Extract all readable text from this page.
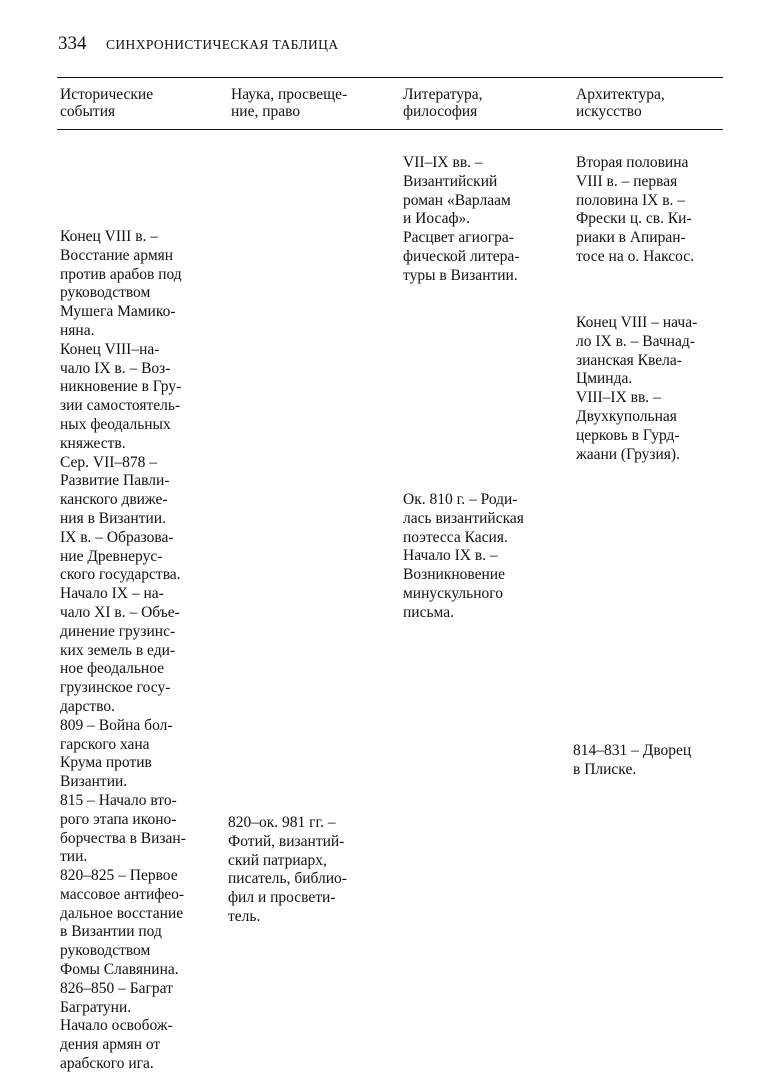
334 СИНХРОНИСТИЧЕСКАЯ ТАБЛИЦА
Исторические
события
Наука, просвеще-
ние, право
Литература,
философия
Архитектура,
искусство
Конец VIII в. –
Восстание армян
против арабов под
руководством
Мушега Мамико-
няна.
Конец VIII–на-
чало IX в. – Воз-
никновение в Гру-
зии самостоятель-
ных феодальных
княжеств.
Сер. VII–878 –
Развитие Павли-
канского движе-
ния в Византии.
IX в. – Образова-
ние Древнерус-
ского государства.
Начало IX – на-
чало XI в. – Объе-
динение грузинс-
ких земель в еди-
ное феодальное
грузинское госу-
дарство.
809 – Война бол-
гарского хана
Крума против
Византии.
815 – Начало вто-
рого этапа иконо-
борчества в Визан-
тии.
820–825 – Первое
массовое антифео-
дальное восстание
в Византии под
руководством
Фомы Славянина.
826–850 – Баграт
Багратуни.
Начало освобож-
дения армян от
арабского ига.
820–ок. 981 гг. –
Фотий, византий-
ский патриарх,
писатель, библио-
фил и просвети-
тель.
VII–IX вв. –
Византийский
роман «Варлаам
и Иосаф».
Расцвет агиогра-
фической литера-
туры в Византии.
Ок. 810 г. – Роди-
лась византийская
поэтесса Касия.
Начало IX в. –
Возникновение
минускульного
письма.
Вторая половина
VIII в. – первая
половина IX в. –
Фрески ц. св. Ки-
риаки в Апиран-
тосе на о. Наксос.
Конец VIII – нача-
ло IX в. – Вачнад-
зианская Квела-
Цминда.
VIII–IX вв. –
Двухкупольная
церковь в Гурд-
жаани (Грузия).
814–831 – Дворец
в Плиске.
